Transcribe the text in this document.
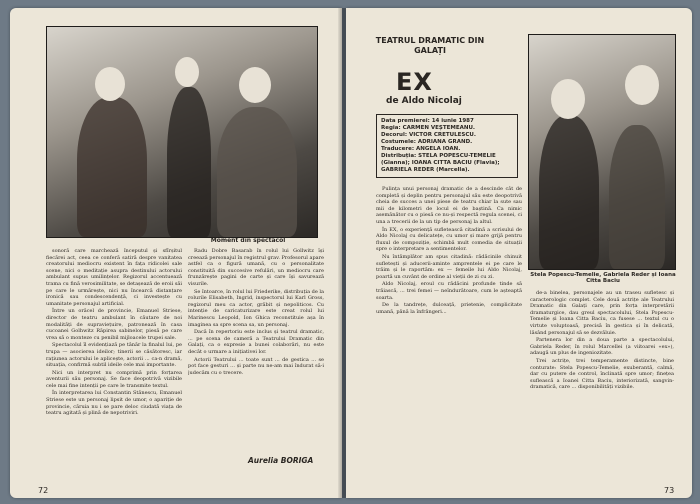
Moment din spectacol

sonoră care marchează începutul și sfîrșitul fiecărei act, ceea ce conferă satiră despre vanitatea creatorului mediocru existent în fața ridicolei sale scene, nici o meditație asupra destinului actorului ambulant supus umilințelor. Regizorul accentuează trama cu fină verosimilitate, se detașează de eroii săi pe care le urmărește, nici nu încearcă distanțare ironică sau condescendență, ci investește cu umanitate personajul artificial.

Între un orăcel de provincie, Emanuel Striese, director de teatru ambulant în căutare de noi modalități de supraviețuire, patronează în casa cucoanei Golhwitz Răpirea sabinelor, piesă pe care vrea să o monteze cu penibil mijloacele trupei sale.

Spectacolul îl evidențiază pe tânăr la finalul lui, pe trupa — asocierea ideilor; tinerii se căsătoresc, iar rațiunea actorului le aplicește, actorii ... ca-n dramă, situația, confirmă subtil ideile cele mai importante.

Nici un interpret nu comprimă prin forțarea aventurii său personaj. Se face deopotrivă vizibile cele mai fine intenții pe care le transmite textul.

În interpretarea lui Constantin Stănescu, Emanuel Striese este un personaj lipsit de umor, o apariție de provincie, căruia nu i se pare deloc ciudată viața de teatru agitată și plină de nepotriviri.

Radu Dobre Basarab în rolul lui Gollwitz își creează personajul în registrul grav. Profesorul apare astfel ca o figură umană, cu o personalitate constituită din succesive refulări, un mediocru care frunzărește pagini de carte și care își savurează visurile.

Se întoarce, în rolul lui Friederike, distribuția de la rolurile Elisabeth, Ingrid, inspectorul lui Karl Gross, regizorul meu ca actor, grăbit și nepoliticos. Cu intenție de caricaturizare este creat rolul lui Marinescu Leopold, Ion Ghica reconstituie așa în imaginea sa spre scena sa, un personaj.

Dacă în repertoriu este inclus și teatrul dramatic, ... pe scena de cameră a Teatrului Dramatic din Galați, ca o expresie a bunei colaborări, nu este decât o urmare a inițiativei lor.

Actorii Teatrului ... toate sunt ... de gestica ... se pot face gesturi ... și parte nu ne-am mai îndurat să-i judecăm cu o trecere.

Aurelia BORIGA
72
TEATRUL DRAMATIC DIN GALAȚI
EX
de Aldo Nicolaj
Data premierei: 14 iunie 1987
Regia: CARMEN VEȘTEMEANU.
Decorul: VICTOR CRETULESCU.
Costumele: ADRIANA GRAND.
Traducere: ANGELA IOAN.
Distribuția: STELA POPESCU-TEMELIE (Gianna); IOANA CITTA BACIU (Flavia); GABRIELA REDER (Marcella).
Stela Popescu-Temelie, Gabriela Reder și Ioana Citta Baciu

Pulința unui personaj dramatic de a descinde cât de completă și deplin pentru personajul său este deopotrivă cheia de succes a unei piese de teatru chiar la sute sau mii de kilometri de locul ei de baștină. Ca nimic asemănător cu o piesă ce nu-și respectă regula scenei, ci una a trecerii de la un tip de personaj la altul.

În EX, o experiență sufletească citadină a scrisului de Aldo Nicolaj cu delicatețe, cu umor și mare grijă pentru fluxul de compoziție, schimbă mult comedia de situații spre o interpretare a sentimentelor.

Nu întâmplător am spus citadină: rădăcinile chinuit sufletești și aducerii-aminte amprentele ei pe care le trăim și le raportăm: ex — femeile lui Aldo Nicolaj, poartă un cuvânt de ordine al vieții de zi cu zi.

Aldo Nicolaj, eroul cu rădăcini profunde tinde să trăiască, ... trei femei — neîndurătoare, cum le așteaptă soarta.

De la tandrețe, dulceață, prietenie, complicitate umană, până la înfrângeri...

de-a binelea, personajele au un traseu sufletesc și caracterologic complet. Cele două actrițe ale Teatrului Dramatic din Galați care, prin forța interpretării dramaturgice, dau greul spectacolului, Stela Popescu-Temelie și Ioana Citta Baciu, ca fusese ... textul cu o virtute voluptoasă, precisă în gestica și în delicată, lăsând personajul să se dezvăluie.

Partenera lor din a doua parte a spectacolului, Gabriela Reder, în rolul Marcellei (a viitoarei «ex»), adaugă un plus de ingeniozitate.

Trei actrițe, trei temperamente distincte, bine conturate: Stela Popescu-Temelie, exuberantă, calmă, dar cu putere de control, înclinată spre umor; finețea suflească a Ioanei Citta Baciu, interiorizată, sangvin-dramatică, care ... disponibilități vizibile.

73
